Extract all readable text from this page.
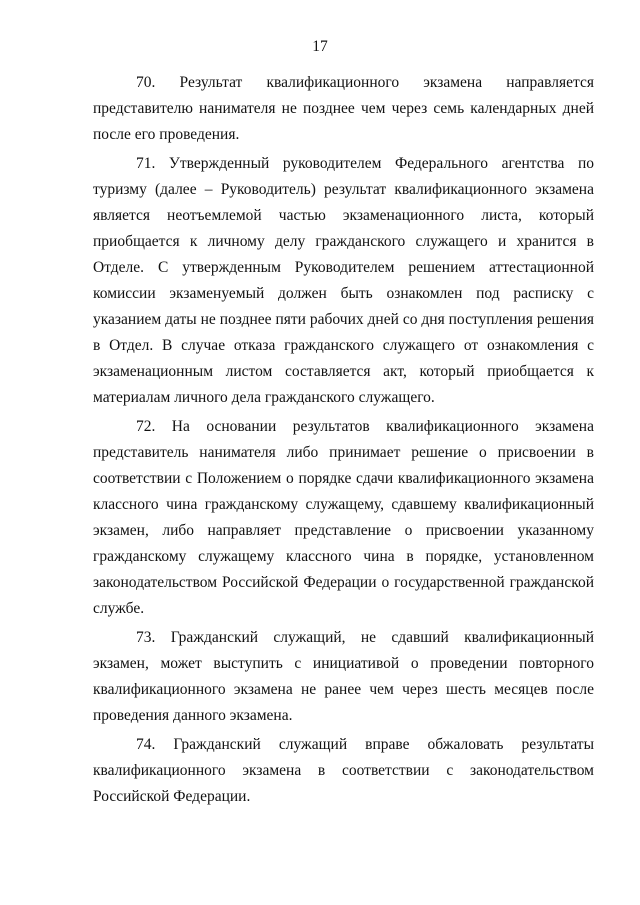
17

70. Результат квалификационного экзамена направляется представителю нанимателя не позднее чем через семь календарных дней после его проведения.

71. Утвержденный руководителем Федерального агентства по туризму (далее – Руководитель) результат квалификационного экзамена является неотъемлемой частью экзаменационного листа, который приобщается к личному делу гражданского служащего и хранится в Отделе. С утвержденным Руководителем решением аттестационной комиссии экзаменуемый должен быть ознакомлен под расписку с указанием даты не позднее пяти рабочих дней со дня поступления решения в Отдел. В случае отказа гражданского служащего от ознакомления с экзаменационным листом составляется акт, который приобщается к материалам личного дела гражданского служащего.

72. На основании результатов квалификационного экзамена представитель нанимателя либо принимает решение о присвоении в соответствии с Положением о порядке сдачи квалификационного экзамена классного чина гражданскому служащему, сдавшему квалификационный экзамен, либо направляет представление о присвоении указанному гражданскому служащему классного чина в порядке, установленном законодательством Российской Федерации о государственной гражданской службе.

73. Гражданский служащий, не сдавший квалификационный экзамен, может выступить с инициативой о проведении повторного квалификационного экзамена не ранее чем через шесть месяцев после проведения данного экзамена.

74. Гражданский служащий вправе обжаловать результаты квалификационного экзамена в соответствии с законодательством Российской Федерации.
